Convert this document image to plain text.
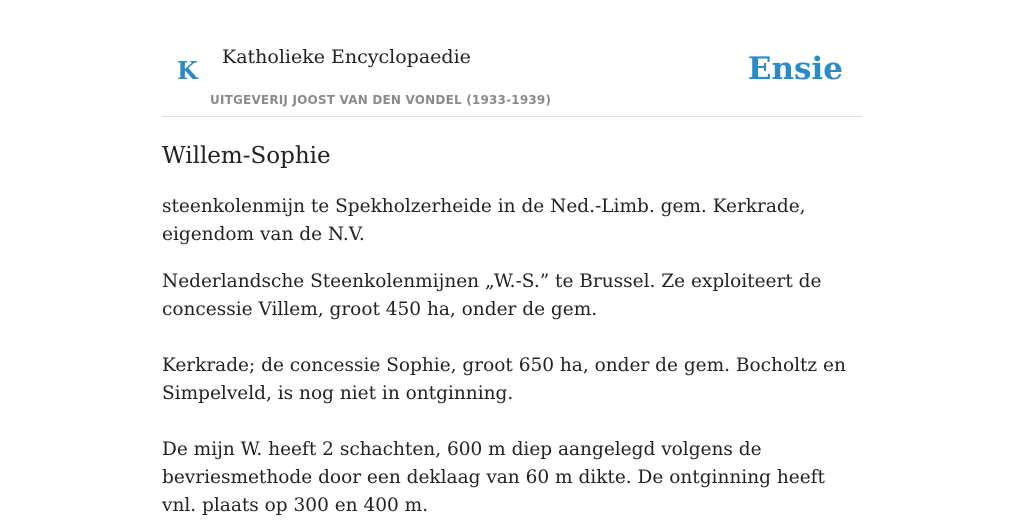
K Katholieke Encyclopaedie
UITGEVERIJ JOOST VAN DEN VONDEL (1933-1939)
Ensie
Willem-Sophie

steenkolenmijn te Spekholzerheide in de Ned.-Limb. gem. Kerkrade, eigendom van de N.V.

Nederlandsche Steenkolenmijnen „W.-S.” te Brussel. Ze exploiteert de concessie Villem, groot 450 ha, onder de gem.

Kerkrade; de concessie Sophie, groot 650 ha, onder de gem. Bocholtz en Simpelveld, is nog niet in ontginning.

De mijn W. heeft 2 schachten, 600 m diep aangelegd volgens de bevriesmethode door een deklaag van 60 m dikte. De ontginning heeft vnl. plaats op 300 en 400 m.
